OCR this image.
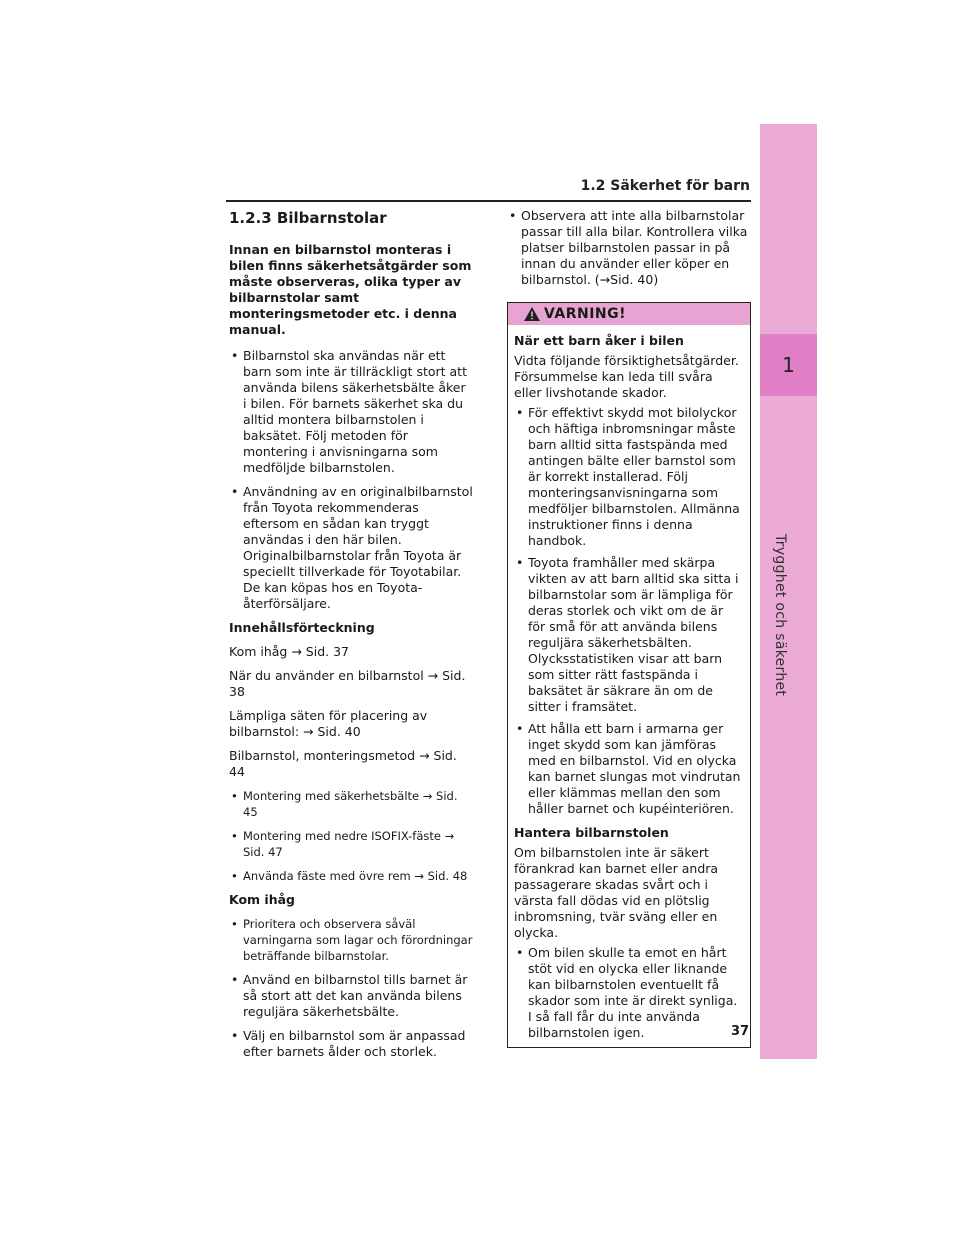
1
Trygghet och säkerhet
1.2 Säkerhet för barn
1.2.3 Bilbarnstolar

Innan en bilbarnstol monteras i bilen finns säkerhetsåtgärder som måste observeras, olika typer av bilbarnstolar samt monteringsmetoder etc. i denna manual.

• Bilbarnstol ska användas när ett barn som inte är tillräckligt stort att använda bilens säkerhetsbälte åker i bilen. För barnets säkerhet ska du alltid montera bilbarnstolen i baksätet. Följ metoden för montering i anvisningarna som medföljde bilbarnstolen.
• Användning av en originalbilbarnstol från Toyota rekommenderas eftersom en sådan kan tryggt användas i den här bilen. Originalbilbarnstolar från Toyota är speciellt tillverkade för Toyotabilar. De kan köpas hos en Toyota-återförsäljare.

Innehållsförteckning

Kom ihåg → Sid. 37

När du använder en bilbarnstol → Sid. 38

Lämpliga säten för placering av bilbarnstol: → Sid. 40

Bilbarnstol, monteringsmetod → Sid. 44

• Montering med säkerhetsbälte → Sid. 45
• Montering med nedre ISOFIX-fäste → Sid. 47
• Använda fäste med övre rem → Sid. 48

Kom ihåg

• Prioritera och observera såväl varningarna som lagar och förordningar beträffande bilbarnstolar.
• Använd en bilbarnstol tills barnet är så stort att det kan använda bilens reguljära säkerhetsbälte.
• Välj en bilbarnstol som är anpassad efter barnets ålder och storlek.
• Observera att inte alla bilbarnstolar passar till alla bilar. Kontrollera vilka platser bilbarnstolen passar in på innan du använder eller köper en bilbarnstol. (→Sid. 40)
VARNING!

När ett barn åker i bilen

Vidta följande försiktighetsåtgärder. Försummelse kan leda till svåra eller livshotande skador.

• För effektivt skydd mot bilolyckor och häftiga inbromsningar måste barn alltid sitta fastspända med antingen bälte eller barnstol som är korrekt installerad. Följ monteringsanvisningarna som medföljer bilbarnstolen. Allmänna instruktioner finns i denna handbok.
• Toyota framhåller med skärpa vikten av att barn alltid ska sitta i bilbarnstolar som är lämpliga för deras storlek och vikt om de är för små för att använda bilens reguljära säkerhetsbälten. Olycksstatistiken visar att barn som sitter rätt fastspända i baksätet är säkrare än om de sitter i framsätet.
• Att hålla ett barn i armarna ger inget skydd som kan jämföras med en bilbarnstol. Vid en olycka kan barnet slungas mot vindrutan eller klämmas mellan den som håller barnet och kupéinteriören.

Hantera bilbarnstolen

Om bilbarnstolen inte är säkert förankrad kan barnet eller andra passagerare skadas svårt och i värsta fall dödas vid en plötslig inbromsning, tvär sväng eller en olycka.

• Om bilen skulle ta emot en hårt stöt vid en olycka eller liknande kan bilbarnstolen eventuellt få skador som inte är direkt synliga. I så fall får du inte använda bilbarnstolen igen.	37
